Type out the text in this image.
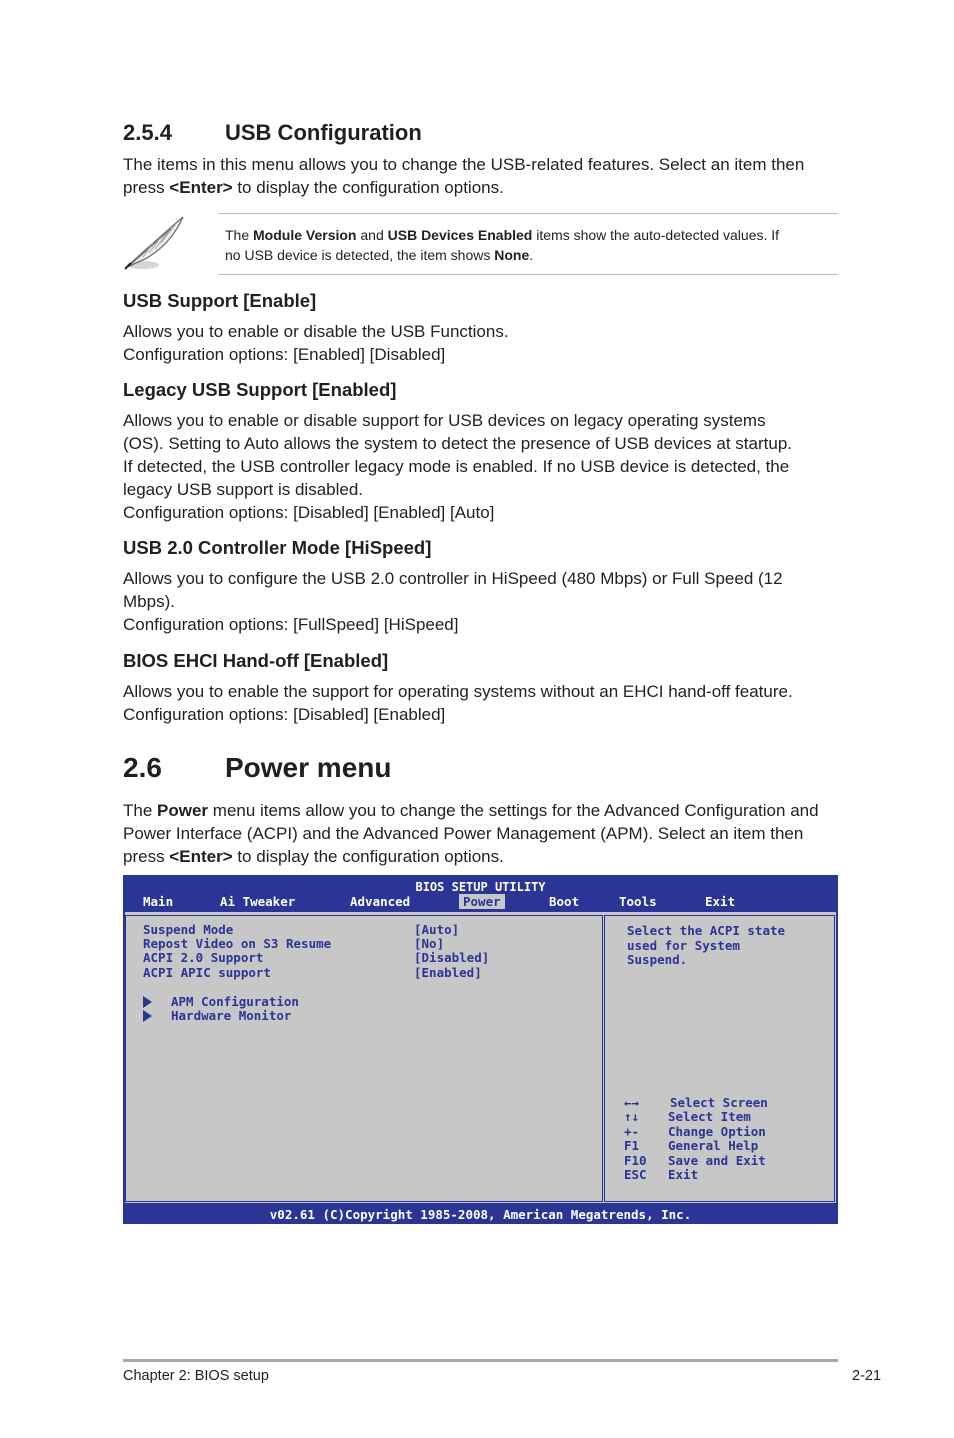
2.5.4 USB Configuration

The items in this menu allows you to change the USB-related features. Select an item then
press <Enter> to display the configuration options.

The Module Version and USB Devices Enabled items show the auto-detected values. If
no USB device is detected, the item shows None.
USB Support [Enable]

Allows you to enable or disable the USB Functions.
Configuration options: [Enabled] [Disabled]

Legacy USB Support [Enabled]

Allows you to enable or disable support for USB devices on legacy operating systems
(OS). Setting to Auto allows the system to detect the presence of USB devices at startup.
If detected, the USB controller legacy mode is enabled. If no USB device is detected, the
legacy USB support is disabled.
Configuration options: [Disabled] [Enabled] [Auto]

USB 2.0 Controller Mode [HiSpeed]

Allows you to configure the USB 2.0 controller in HiSpeed (480 Mbps) or Full Speed (12
Mbps).
Configuration options: [FullSpeed] [HiSpeed]

BIOS EHCI Hand-off [Enabled]

Allows you to enable the support for operating systems without an EHCI hand-off feature.
Configuration options: [Disabled] [Enabled]

2.6 Power menu

The Power menu items allow you to change the settings for the Advanced Configuration and
Power Interface (ACPI) and the Advanced Power Management (APM). Select an item then
press <Enter> to display the configuration options.

BIOS SETUP UTILITY
Main	Ai Tweaker	Advanced	Power	Boot	Tools	Exit
Suspend Mode	[Auto]
Repost Video on S3 Resume	[No]
ACPI 2.0 Support	[Disabled]
ACPI APIC support	[Enabled]
APM Configuration
Hardware Monitor
Select the ACPI state
used for System
Suspend.
←→ Select Screen
↑↓ Select Item
+- Change Option
F1 General Help
F10 Save and Exit
ESC Exit
v02.61 (C)Copyright 1985-2008, American Megatrends, Inc.
Chapter 2: BIOS setup	2-21
